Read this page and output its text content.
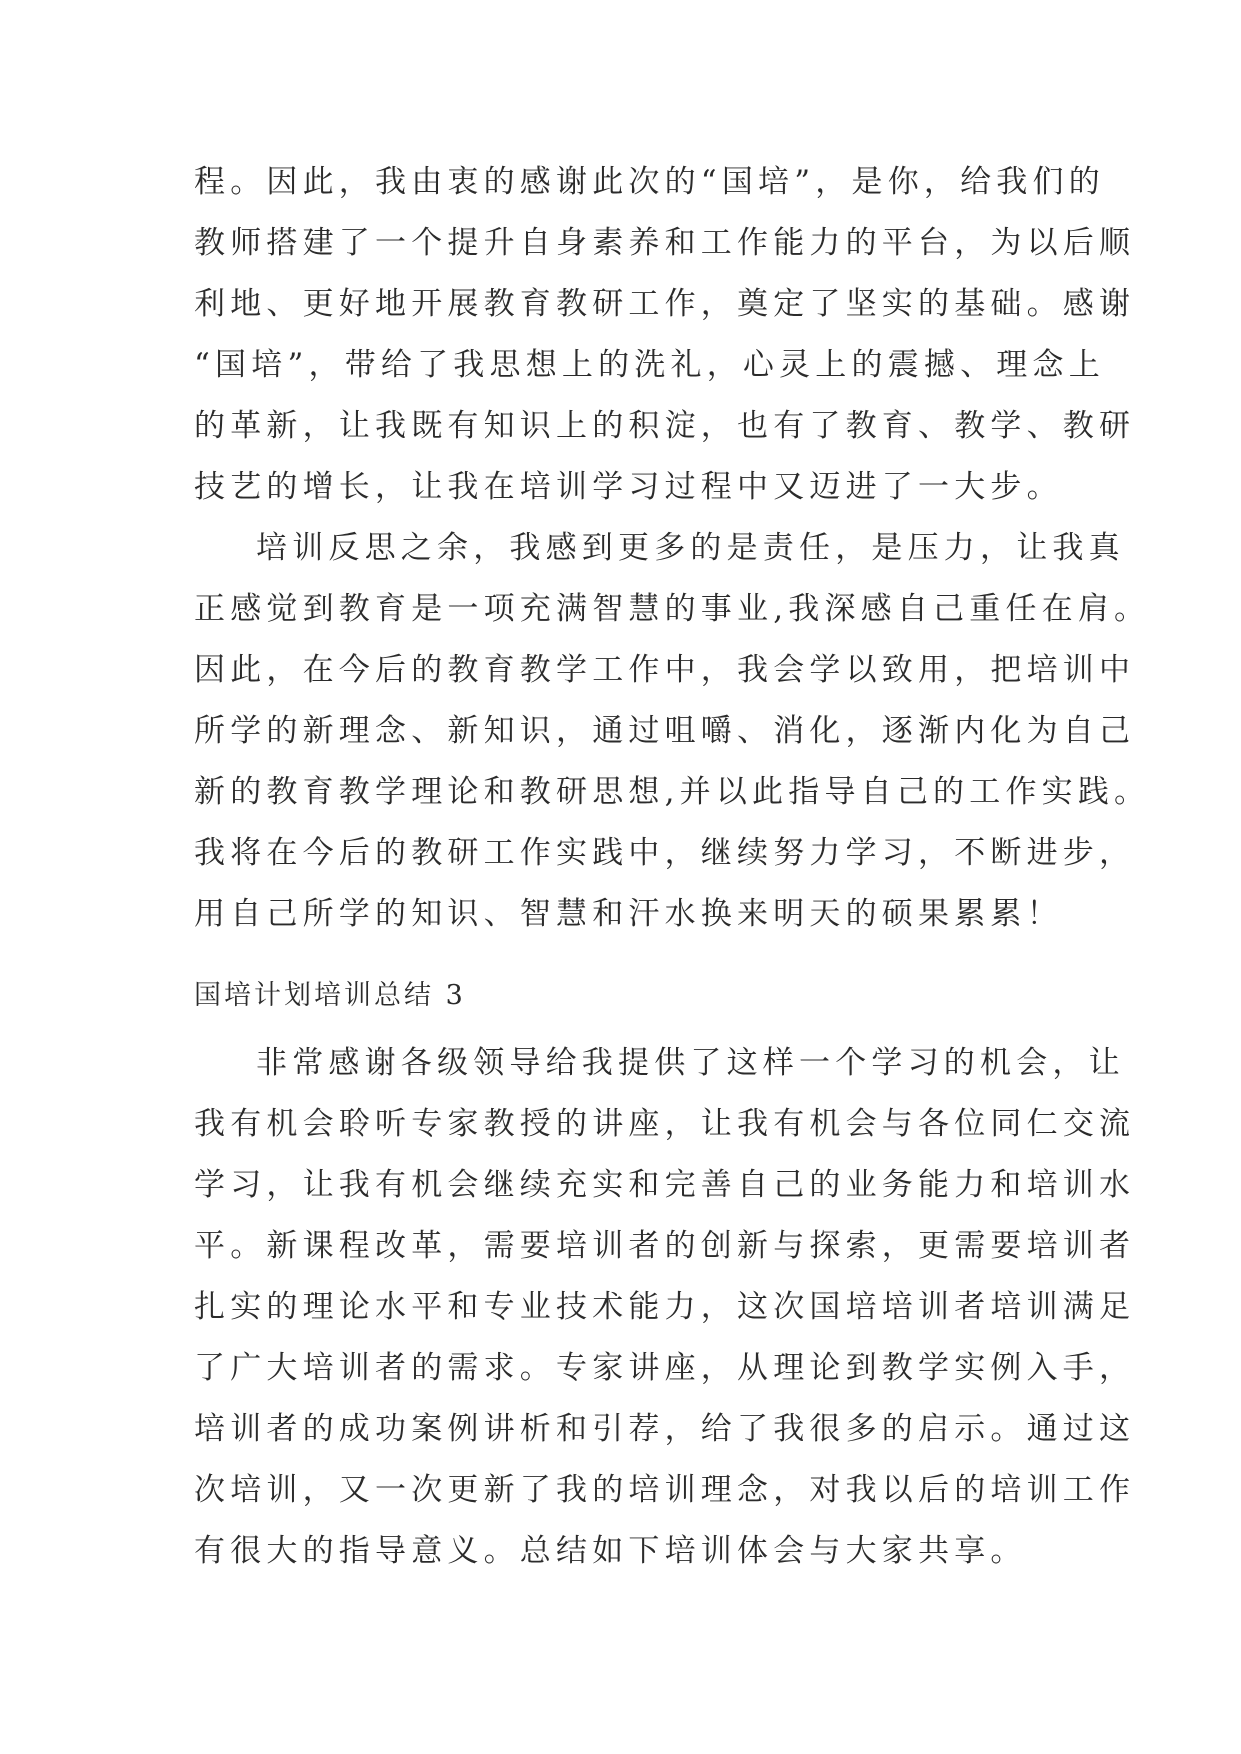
程。因此，我由衷的感谢此次的“国培”，是你，给我们的
教师搭建了一个提升自身素养和工作能力的平台，为以后顺
利地、更好地开展教育教研工作，奠定了坚实的基础。感谢
“国培”，带给了我思想上的洗礼，心灵上的震撼、理念上
的革新，让我既有知识上的积淀，也有了教育、教学、教研
技艺的增长，让我在培训学习过程中又迈进了一大步。
培训反思之余，我感到更多的是责任，是压力，让我真
正感觉到教育是一项充满智慧的事业,我深感自己重任在肩。
因此，在今后的教育教学工作中，我会学以致用，把培训中
所学的新理念、新知识，通过咀嚼、消化，逐渐内化为自己
新的教育教学理论和教研思想,并以此指导自己的工作实践。
我将在今后的教研工作实践中，继续努力学习，不断进步，
用自己所学的知识、智慧和汗水换来明天的硕果累累！
国培计划培训总结 3
非常感谢各级领导给我提供了这样一个学习的机会，让
我有机会聆听专家教授的讲座，让我有机会与各位同仁交流
学习，让我有机会继续充实和完善自己的业务能力和培训水
平。新课程改革，需要培训者的创新与探索，更需要培训者
扎实的理论水平和专业技术能力，这次国培培训者培训满足
了广大培训者的需求。专家讲座，从理论到教学实例入手，
培训者的成功案例讲析和引荐，给了我很多的启示。通过这
次培训，又一次更新了我的培训理念，对我以后的培训工作
有很大的指导意义。总结如下培训体会与大家共享。
